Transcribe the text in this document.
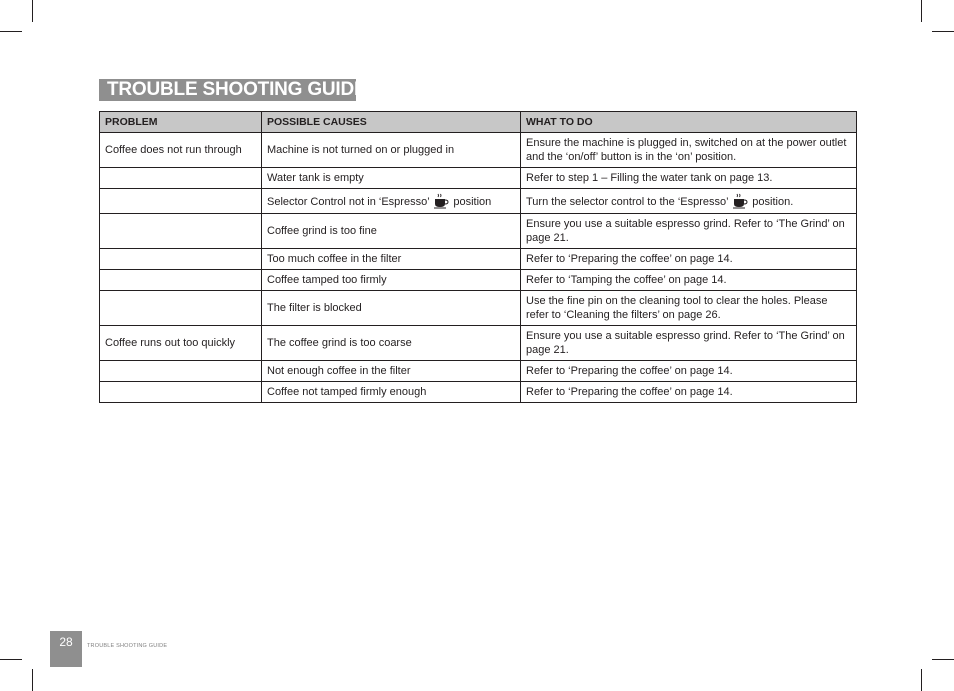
TROUBLE SHOOTING GUIDE
PROBLEM	POSSIBLE CAUSES	WHAT TO DO
Coffee does not run through	Machine is not turned on or plugged in	Ensure the machine is plugged in, switched on at the power outlet and the ‘on/off’ button is in the ‘on’ position.
	Water tank is empty	Refer to step 1 – Filling the water tank on page 13.
	Selector Control not in ‘Espresso’ position	Turn the selector control to the ‘Espresso’ position.
	Coffee grind is too fine	Ensure you use a suitable espresso grind. Refer to ‘The Grind’ on page 21.
	Too much coffee in the filter	Refer to ‘Preparing the coffee’ on page 14.
	Coffee tamped too firmly	Refer to ‘Tamping the coffee’ on page 14.
	The filter is blocked	Use the fine pin on the cleaning tool to clear the holes. Please refer to ‘Cleaning the filters’ on page 26.
Coffee runs out too quickly	The coffee grind is too coarse	Ensure you use a suitable espresso grind. Refer to ‘The Grind’ on page 21.
	Not enough coffee in the filter	Refer to ‘Preparing the coffee’ on page 14.
	Coffee not tamped firmly enough	Refer to ‘Preparing the coffee’ on page 14.
28	TROUBLE SHOOTING GUIDE
